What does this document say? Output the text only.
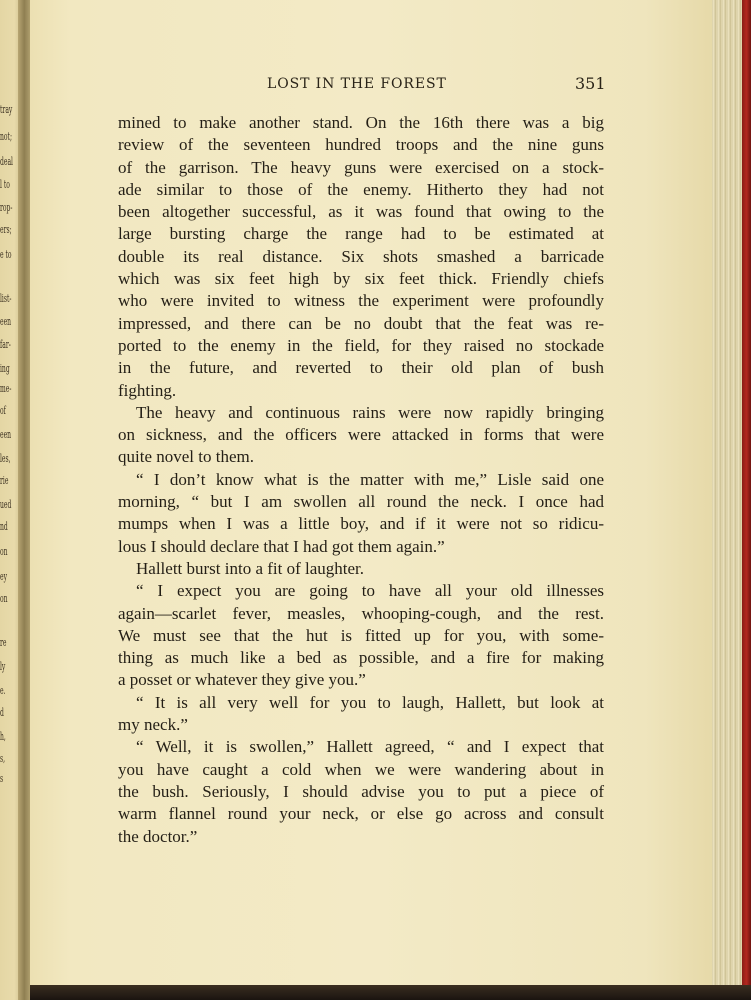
tray
not;
deal
l to
rop-
ers;
e to
list-
een
far-
ing
me-
of
een
les,
rie
ued
nd
on
ey
on
re
ly
e.
d
h,
s,
s
LOST IN THE FOREST	351
mined to make another stand. On the 16th there was a big
review of the seventeen hundred troops and the nine guns
of the garrison. The heavy guns were exercised on a stock-
ade similar to those of the enemy. Hitherto they had not
been altogether successful, as it was found that owing to the
large bursting charge the range had to be estimated at
double its real distance. Six shots smashed a barricade
which was six feet high by six feet thick. Friendly chiefs
who were invited to witness the experiment were profoundly
impressed, and there can be no doubt that the feat was re-
ported to the enemy in the field, for they raised no stockade
in the future, and reverted to their old plan of bush
fighting.
The heavy and continuous rains were now rapidly bringing
on sickness, and the officers were attacked in forms that were
quite novel to them.
“ I don’t know what is the matter with me,” Lisle said one
morning, “ but I am swollen all round the neck. I once had
mumps when I was a little boy, and if it were not so ridicu-
lous I should declare that I had got them again.”
Hallett burst into a fit of laughter.
“ I expect you are going to have all your old illnesses
again—scarlet fever, measles, whooping-cough, and the rest.
We must see that the hut is fitted up for you, with some-
thing as much like a bed as possible, and a fire for making
a posset or whatever they give you.”
“ It is all very well for you to laugh, Hallett, but look at
my neck.”
“ Well, it is swollen,” Hallett agreed, “ and I expect that
you have caught a cold when we were wandering about in
the bush. Seriously, I should advise you to put a piece of
warm flannel round your neck, or else go across and consult
the doctor.”
